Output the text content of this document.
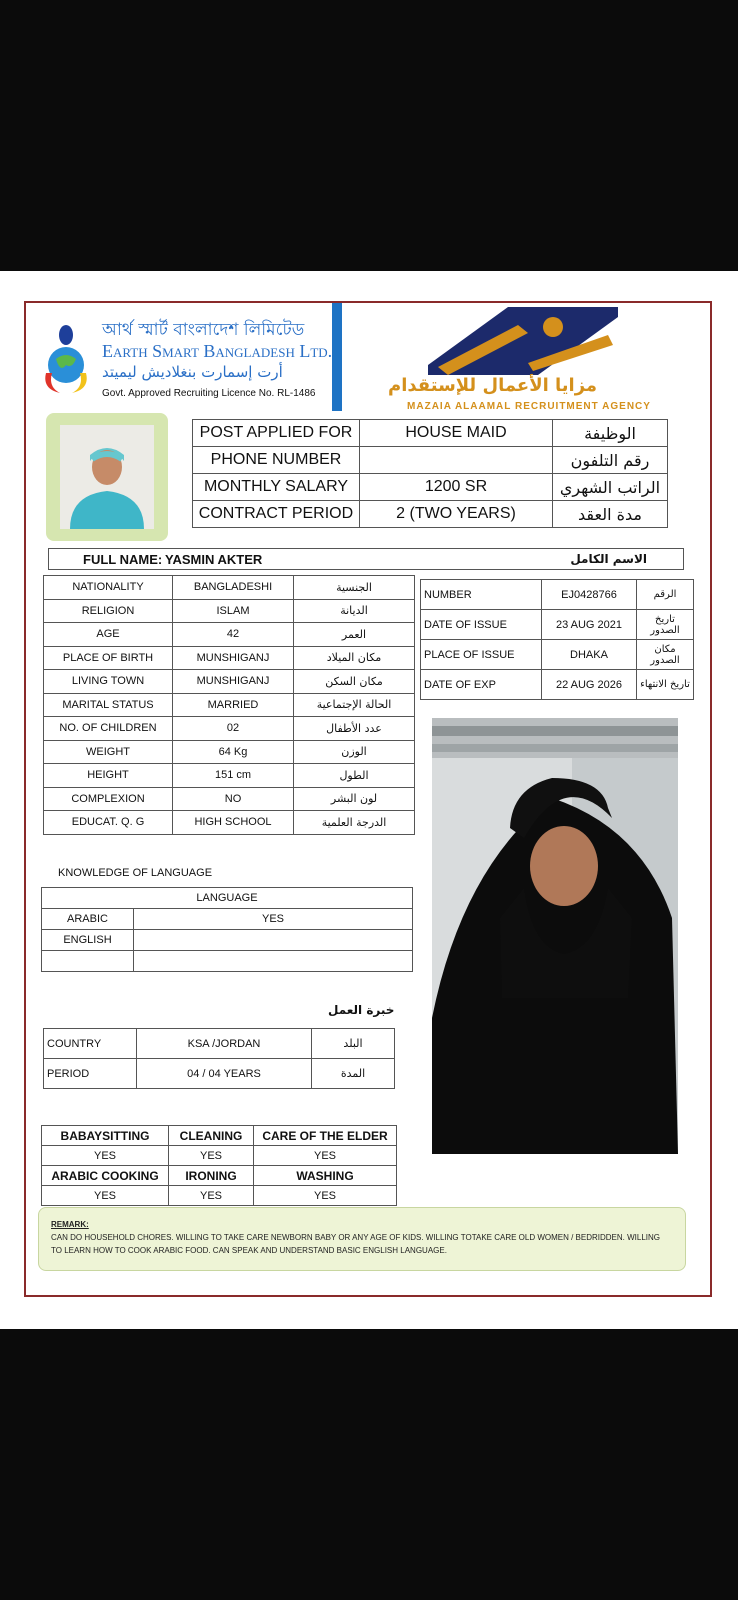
আর্থ স্মার্ট বাংলাদেশ লিমিটেড
Earth Smart Bangladesh Ltd.
أرت إسمارت بنغلاديش ليميتد
Govt. Approved Recruiting Licence No. RL-1486	مزايا الأعمال للإستقدام
MAZAIA ALAAMAL RECRUITMENT AGENCY
POST APPLIED FOR	HOUSE MAID	الوظيفة
PHONE NUMBER		رقم التلفون
MONTHLY SALARY	1200 SR	الراتب الشهري
CONTRACT PERIOD	2 (TWO YEARS)	مدة العقد
FULL NAME: YASMIN AKTER	الاسم الكامل
NATIONALITY	BANGLADESHI	الجنسية
RELIGION	ISLAM	الديانة
AGE	42	العمر
PLACE OF BIRTH	MUNSHIGANJ	مكان الميلاد
LIVING TOWN	MUNSHIGANJ	مكان السكن
MARITAL STATUS	MARRIED	الحالة الإجتماعية
NO. OF CHILDREN	02	عدد الأطفال
WEIGHT	64 Kg	الوزن
HEIGHT	151 cm	الطول
COMPLEXION	NO	لون البشر
EDUCAT. Q. G	HIGH SCHOOL	الدرجة العلمية
NUMBER	EJ0428766	الرقم
DATE OF ISSUE	23 AUG 2021	تاريخ الصدور
PLACE OF ISSUE	DHAKA	مكان الصدور
DATE OF EXP	22 AUG 2026	تاريخ الانتهاء
KNOWLEDGE OF LANGUAGE
LANGUAGE	
ARABIC	YES
ENGLISH	

خبرة العمل
COUNTRY	KSA /JORDAN	البلد
PERIOD	04 / 04 YEARS	المدة
BABAYSITTING	CLEANING	CARE OF THE ELDER
YES	YES	YES
ARABIC COOKING	IRONING	WASHING
YES	YES	YES
REMARK:
CAN DO HOUSEHOLD CHORES. WILLING TO TAKE CARE NEWBORN BABY OR ANY AGE OF KIDS. WILLING TOTAKE CARE OLD WOMEN / BEDRIDDEN. WILLING TO LEARN HOW TO COOK ARABIC FOOD. CAN SPEAK AND UNDERSTAND BASIC ENGLISH LANGUAGE.
